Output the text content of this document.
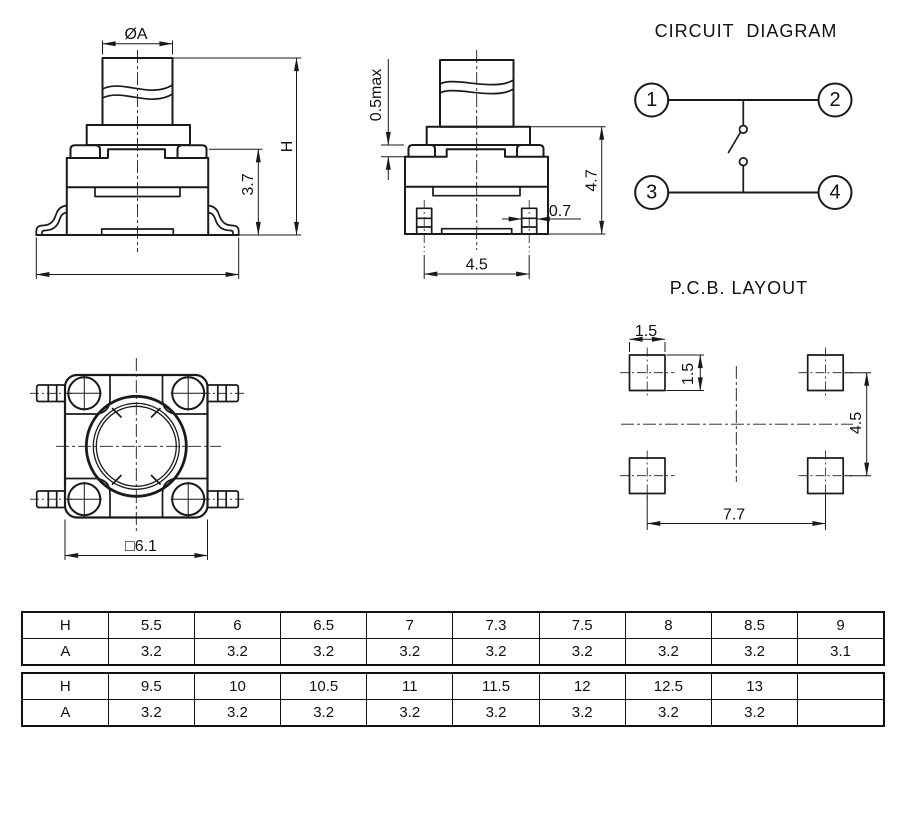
ØA
H
3.7
0.5max
4.7
0.7
4.5
CIRCUIT  DIAGRAM
1	2
3	4
P.C.B. LAYOUT
1.5
1.5
4.5
7.7
□6.1
H	5.5	6	6.5	7	7.3	7.5	8	8.5	9
A	3.2	3.2	3.2	3.2	3.2	3.2	3.2	3.2	3.1
H	9.5	10	10.5	11	11.5	12	12.5	13	
A	3.2	3.2	3.2	3.2	3.2	3.2	3.2	3.2	
